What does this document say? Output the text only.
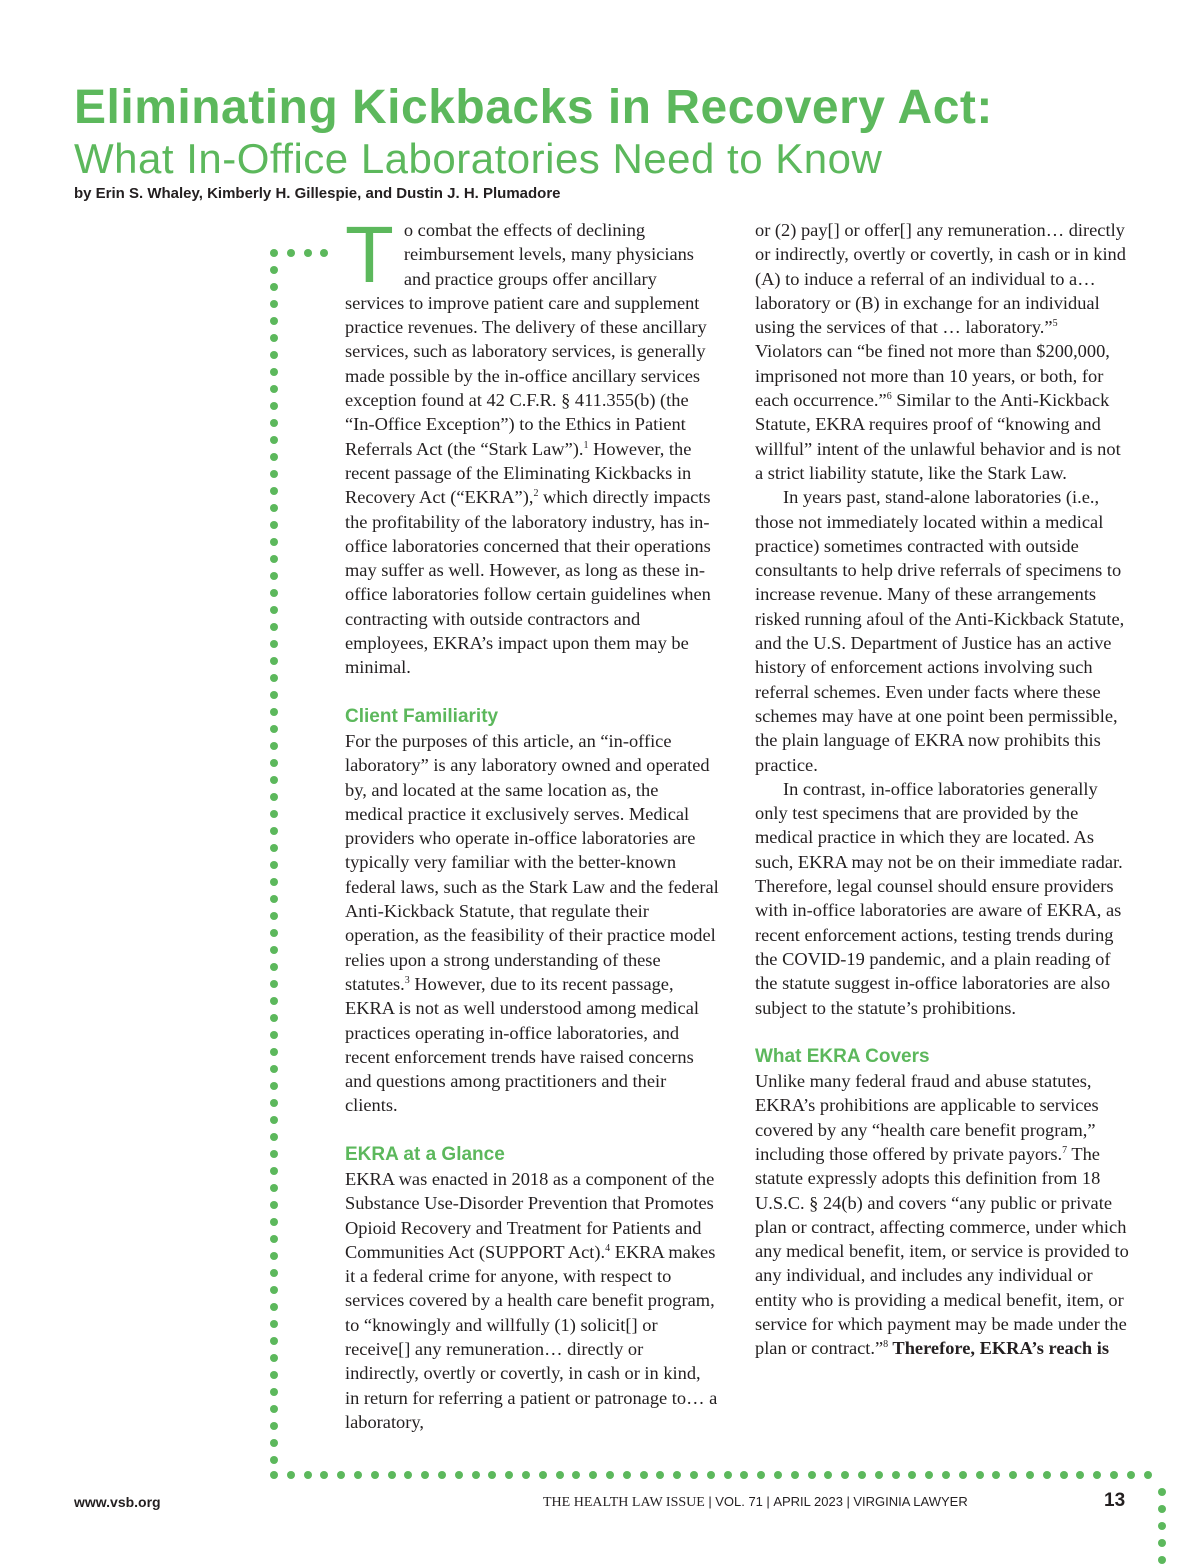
Eliminating Kickbacks in Recovery Act:
What In-Office Laboratories Need to Know
by Erin S. Whaley, Kimberly H. Gillespie, and Dustin J. H. Plumadore

To combat the effects of declining reimbursement levels, many physicians and practice groups offer ancillary services to improve patient care and supplement practice revenues. The delivery of these ancillary services, such as laboratory services, is generally made possible by the in-office ancillary services exception found at 42 C.F.R. § 411.355(b) (the “In-Office Exception”) to the Ethics in Patient Referrals Act (the “Stark Law”).$^1$ However, the recent passage of the Eliminating Kickbacks in Recovery Act (“EKRA”),$^2$ which directly impacts the profitability of the laboratory industry, has in-office laboratories concerned that their operations may suffer as well. However, as long as these in-office laboratories follow certain guidelines when contracting with outside contractors and employees, EKRA’s impact upon them may be minimal.

Client Familiarity

For the purposes of this article, an “in-office laboratory” is any laboratory owned and operated by, and located at the same location as, the medical practice it exclusively serves. Medical providers who operate in-office laboratories are typically very familiar with the better-known federal laws, such as the Stark Law and the federal Anti-Kickback Statute, that regulate their operation, as the feasibility of their practice model relies upon a strong understanding of these statutes.$^3$ However, due to its recent passage, EKRA is not as well understood among medical practices operating in-office laboratories, and recent enforcement trends have raised concerns and questions among practitioners and their clients.

EKRA at a Glance

EKRA was enacted in 2018 as a component of the Substance Use-Disorder Prevention that Promotes Opioid Recovery and Treatment for Patients and Communities Act (SUPPORT Act).$^4$ EKRA makes it a federal crime for anyone, with respect to services covered by a health care benefit program, to “knowingly and willfully (1) solicit[] or receive[] any remuneration… directly or indirectly, overtly or covertly, in cash or in kind, in return for referring a patient or patronage to… a laboratory,

or (2) pay[] or offer[] any remuneration… directly or indirectly, overtly or covertly, in cash or in kind (A) to induce a referral of an individual to a… laboratory or (B) in exchange for an individual using the services of that … laboratory.”$^5$ Violators can “be fined not more than $200,000, imprisoned not more than 10 years, or both, for each occurrence.”$^6$ Similar to the Anti-Kickback Statute, EKRA requires proof of “knowing and willful” intent of the unlawful behavior and is not a strict liability statute, like the Stark Law.

In years past, stand-alone laboratories (i.e., those not immediately located within a medical practice) sometimes contracted with outside consultants to help drive referrals of specimens to increase revenue. Many of these arrangements risked running afoul of the Anti-Kickback Statute, and the U.S. Department of Justice has an active history of enforcement actions involving such referral schemes. Even under facts where these schemes may have at one point been permissible, the plain language of EKRA now prohibits this practice.

In contrast, in-office laboratories generally only test specimens that are provided by the medical practice in which they are located. As such, EKRA may not be on their immediate radar. Therefore, legal counsel should ensure providers with in-office laboratories are aware of EKRA, as recent enforcement actions, testing trends during the COVID-19 pandemic, and a plain reading of the statute suggest in-office laboratories are also subject to the statute’s prohibitions.

What EKRA Covers

Unlike many federal fraud and abuse statutes, EKRA’s prohibitions are applicable to services covered by any “health care benefit program,” including those offered by private payors.$^7$ The statute expressly adopts this definition from 18 U.S.C. § 24(b) and covers “any public or private plan or contract, affecting commerce, under which any medical benefit, item, or service is provided to any individual, and includes any individual or entity who is providing a medical benefit, item, or service for which payment may be made under the plan or contract.”$^8$ Therefore, EKRA’s reach is

www.vsb.org	THE HEALTH LAW ISSUE | VOL. 71 | APRIL 2023 | VIRGINIA LAWYER	13
